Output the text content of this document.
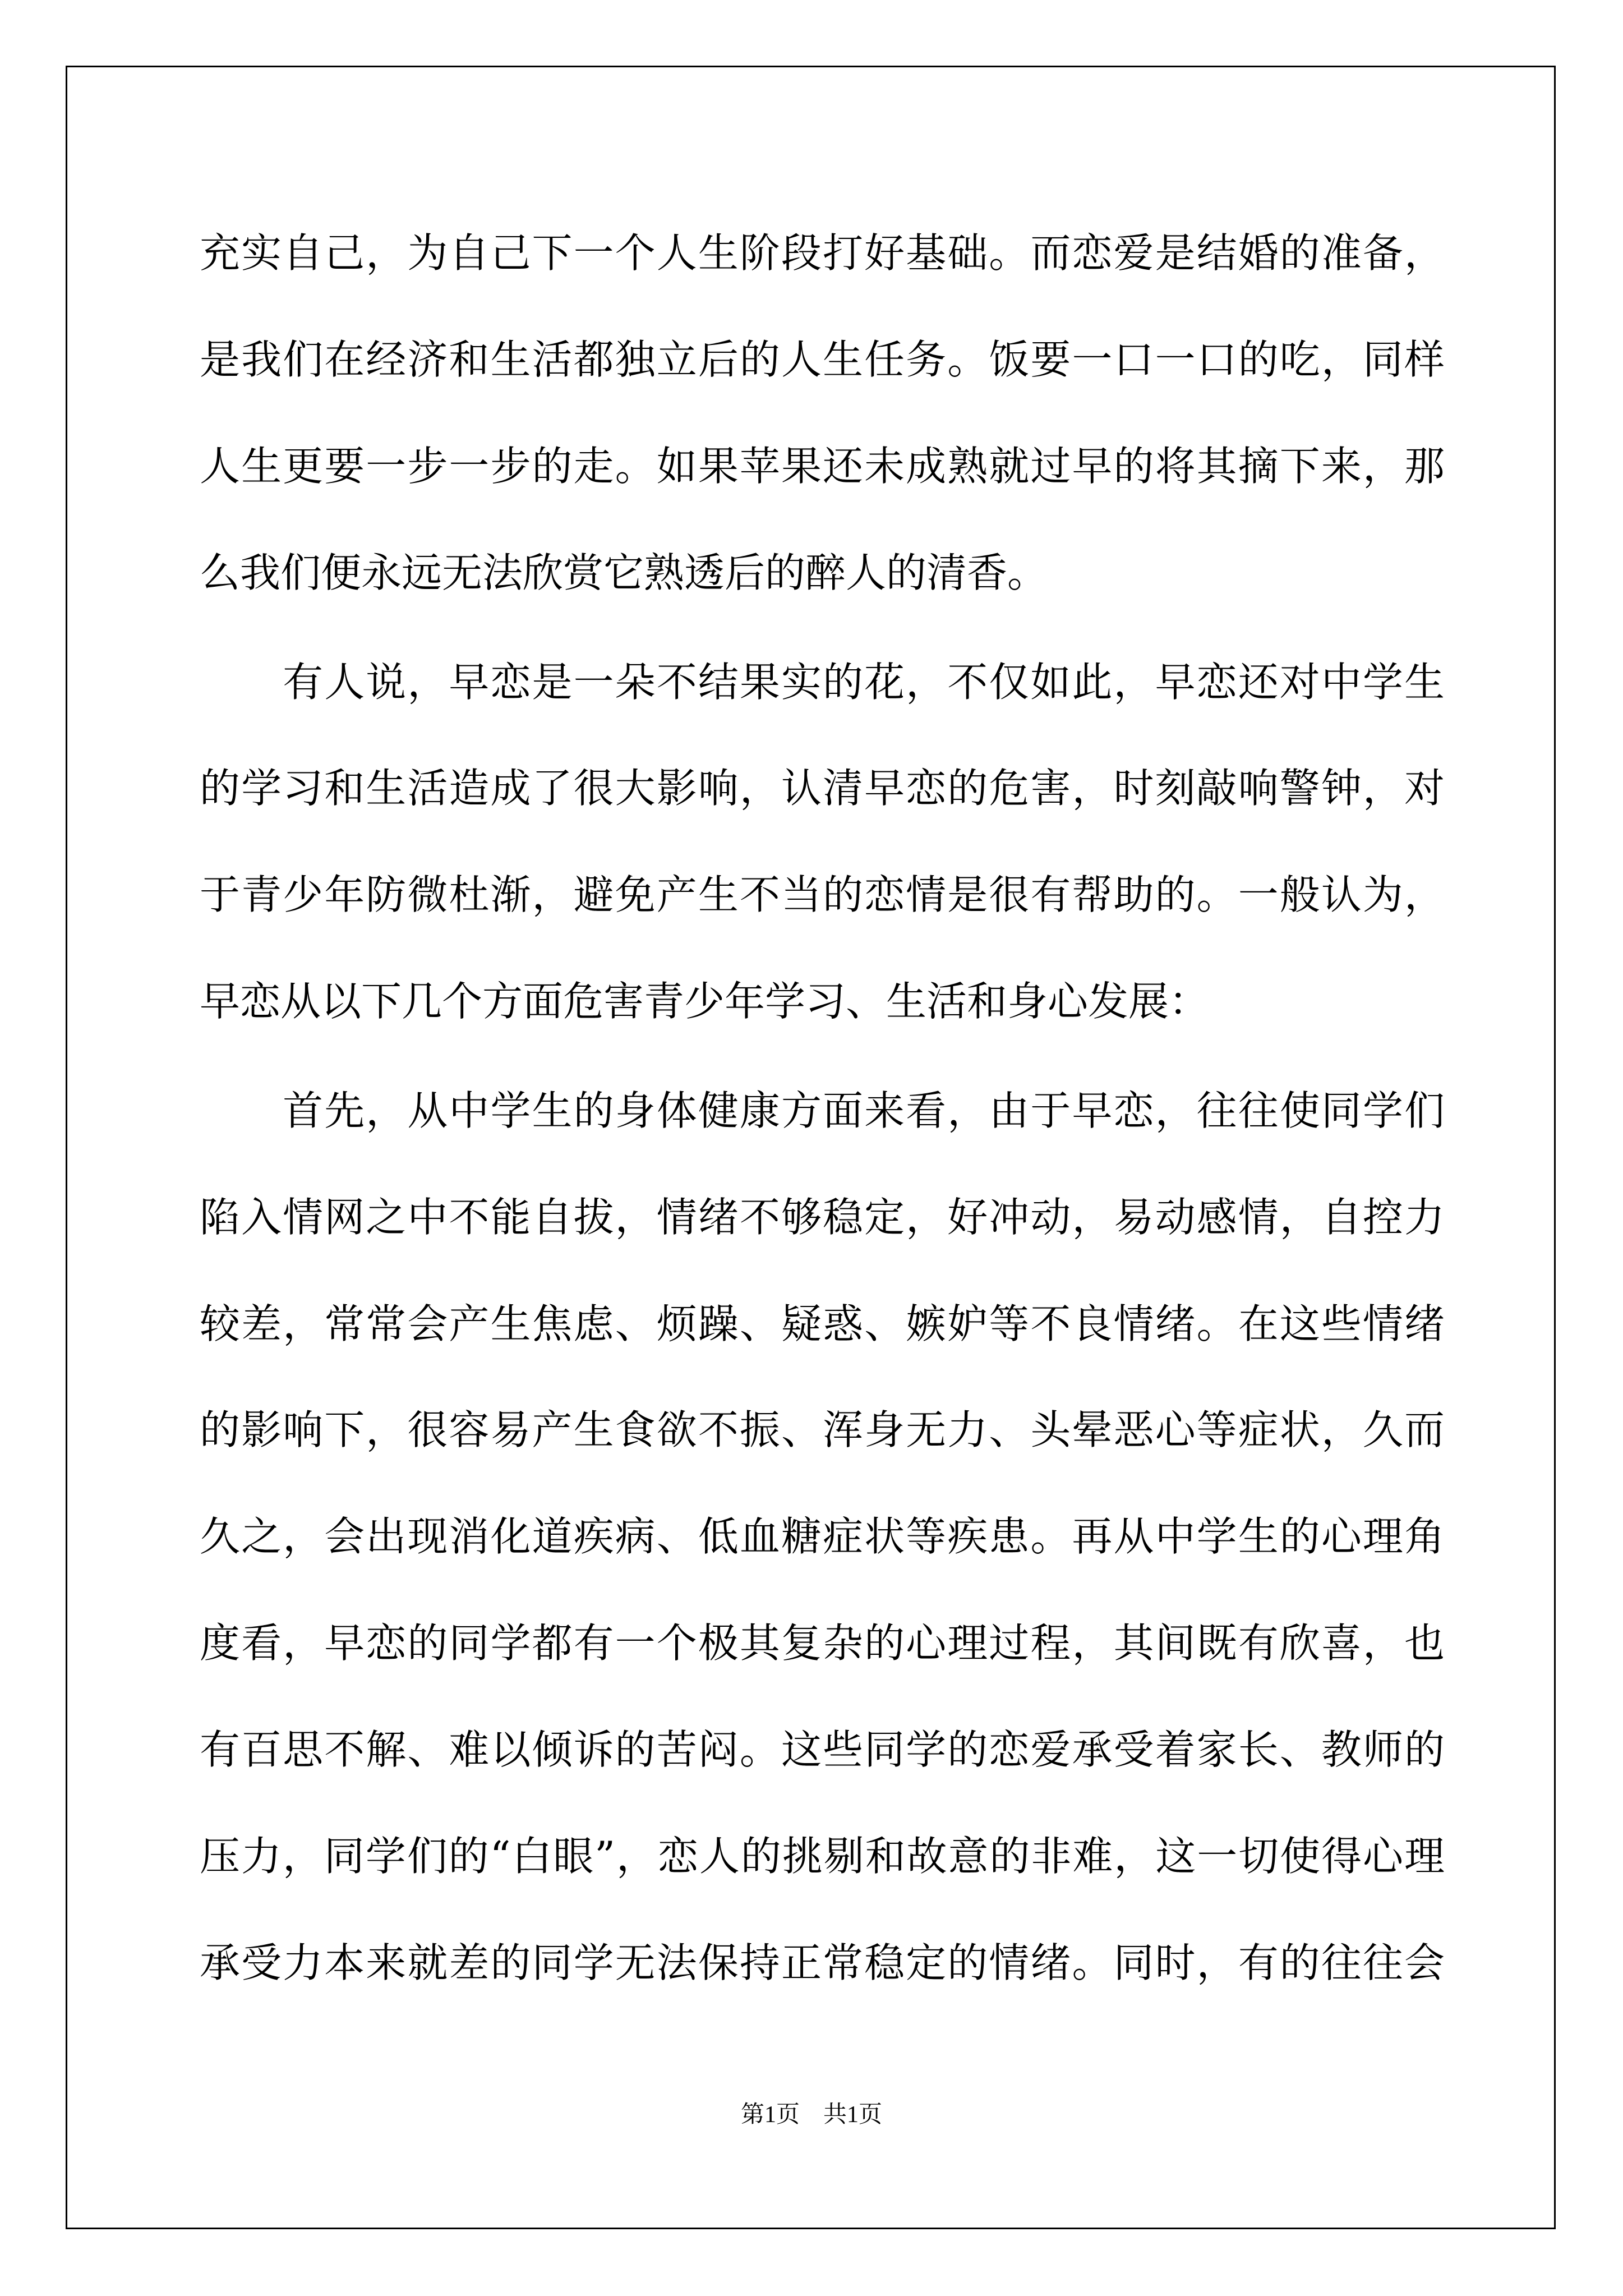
充实自己，为自己下一个人生阶段打好基础。而恋爱是结婚的准备，
是我们在经济和生活都独立后的人生任务。饭要一口一口的吃，同样
人生更要一步一步的走。如果苹果还未成熟就过早的将其摘下来，那
么我们便永远无法欣赏它熟透后的醉人的清香。
　　有人说，早恋是一朵不结果实的花，不仅如此，早恋还对中学生
的学习和生活造成了很大影响，认清早恋的危害，时刻敲响警钟，对
于青少年防微杜渐，避免产生不当的恋情是很有帮助的。一般认为，
早恋从以下几个方面危害青少年学习、生活和身心发展：
　　首先，从中学生的身体健康方面来看，由于早恋，往往使同学们
陷入情网之中不能自拔，情绪不够稳定，好冲动，易动感情，自控力
较差，常常会产生焦虑、烦躁、疑惑、嫉妒等不良情绪。在这些情绪
的影响下，很容易产生食欲不振、浑身无力、头晕恶心等症状，久而
久之，会出现消化道疾病、低血糖症状等疾患。再从中学生的心理角
度看，早恋的同学都有一个极其复杂的心理过程，其间既有欣喜，也
有百思不解、难以倾诉的苦闷。这些同学的恋爱承受着家长、教师的
压力，同学们的“白眼”，恋人的挑剔和故意的非难，这一切使得心理
承受力本来就差的同学无法保持正常稳定的情绪。同时，有的往往会
第1页 共1页
